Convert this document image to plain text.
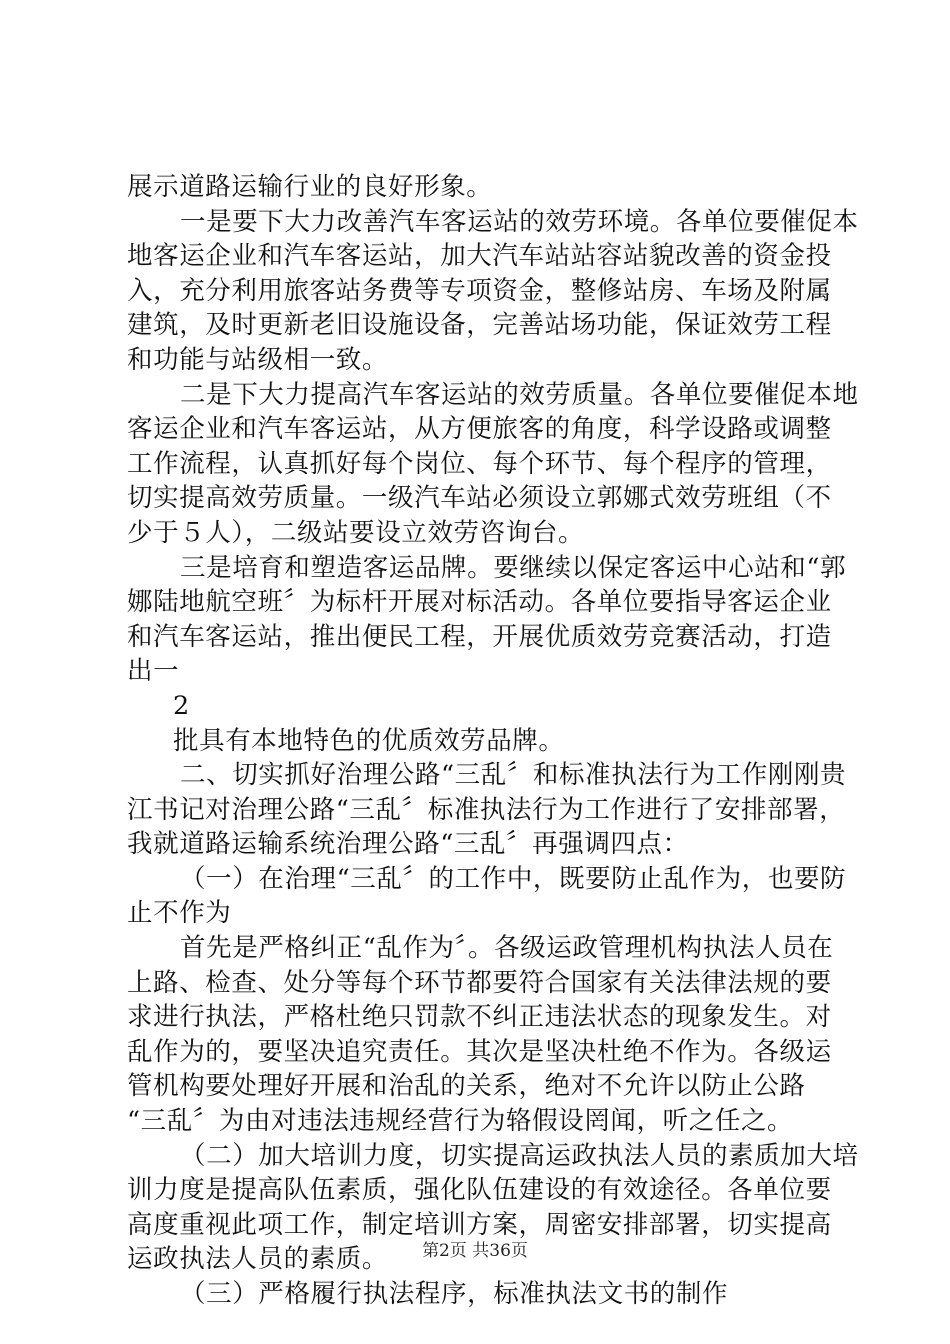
展示道路运输行业的良好形象。
一是要下大力改善汽车客运站的效劳环境。各单位要催促本
地客运企业和汽车客运站，加大汽车站站容站貌改善的资金投
入，充分利用旅客站务费等专项资金，整修站房、车场及附属
建筑，及时更新老旧设施设备，完善站场功能，保证效劳工程
和功能与站级相一致。
二是下大力提高汽车客运站的效劳质量。各单位要催促本地
客运企业和汽车客运站，从方便旅客的角度，科学设路或调整
工作流程，认真抓好每个岗位、每个环节、每个程序的管理，
切实提高效劳质量。一级汽车站必须设立郭娜式效劳班组（不
少于５人），二级站要设立效劳咨询台。
三是培育和塑造客运品牌。要继续以保定客运中心站和“郭
娜陆地航空班〞为标杆开展对标活动。各单位要指导客运企业
和汽车客运站，推出便民工程，开展优质效劳竞赛活动，打造
出一
2
批具有本地特色的优质效劳品牌。
二、切实抓好治理公路“三乱〞和标准执法行为工作刚刚贵
江书记对治理公路“三乱〞标准执法行为工作进行了安排部署，
我就道路运输系统治理公路“三乱〞再强调四点：
（一）在治理“三乱〞的工作中，既要防止乱作为，也要防
止不作为
首先是严格纠正“乱作为〞。各级运政管理机构执法人员在
上路、检查、处分等每个环节都要符合国家有关法律法规的要
求进行执法，严格杜绝只罚款不纠正违法状态的现象发生。对
乱作为的，要坚决追究责任。其次是坚决杜绝不作为。各级运
管机构要处理好开展和治乱的关系，绝对不允许以防止公路
“三乱〞为由对违法违规经营行为辂假设罔闻，听之任之。
（二）加大培训力度，切实提高运政执法人员的素质加大培
训力度是提高队伍素质，强化队伍建设的有效途径。各单位要
高度重视此项工作，制定培训方案，周密安排部署，切实提高
运政执法人员的素质。
（三）严格履行执法程序，标准执法文书的制作
第2页 共36页
